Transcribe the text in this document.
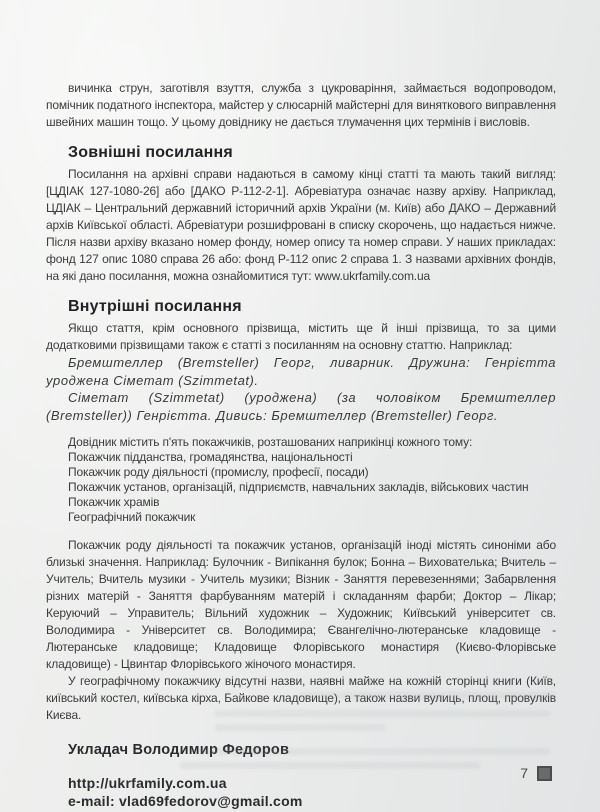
вичинка струн, заготівля взуття, служба з цукроваріння, займається водопроводом, помічник податного інспектора, майстер у слюсарній майстерні для виняткового виправлення швейних машин тощо. У цьому довіднику не дається тлумачення цих термінів і висловів.

Зовнішні посилання

Посилання на архівні справи надаються в самому кінці статті та мають такий вигляд: [ЦДІАК 127-1080-26] або [ДАКО Р-112-2-1]. Абревіатура означає назву архіву. Наприклад, ЦДІАК – Центральний державний історичний архів України (м. Київ) або ДАКО – Державний архів Київської області. Абревіатури розшифровані в списку скорочень, що надається нижче. Після назви архіву вказано номер фонду, номер опису та номер справи. У наших прикладах: фонд 127 опис 1080 справа 26 або: фонд Р-112 опис 2 справа 1. З назвами архівних фондів, на які дано посилання, можна ознайомитися тут: www.ukrfamily.com.ua

Внутрішні посилання

Якщо стаття, крім основного прізвища, містить ще й інші прізвища, то за цими додатковими прізвищами також є статті з посиланням на основну статтю. Наприклад:

Бремштеллер (Bremsteller) Георг, ливарник. Дружина: Генрієтта уроджена Сіметат (Szimmetat).

Сіметат (Szimmetat) (уроджена) (за чоловіком Бремштеллер (Bremsteller)) Генрієтта. Дивись: Бремштеллер (Bremsteller) Георг.

Довідник містить п'ять покажчиків, розташованих наприкінці кожного тому:
Покажчик підданства, громадянства, національності
Покажчик роду діяльності (промислу, професії, посади)
Покажчик установ, організацій, підприємств, навчальних закладів, військових частин
Покажчик храмів
Географічний покажчик

Покажчик роду діяльності та покажчик установ, організацій іноді містять синоніми або близькі значення. Наприклад: Булочник - Випікання булок; Бонна – Вихователька; Вчитель – Учитель; Вчитель музики - Учитель музики; Візник - Заняття перевезеннями; Забарвлення різних матерій - Заняття фарбуванням матерій і складанням фарби; Доктор – Лікар; Керуючий – Управитель; Вільний художник – Художник; Київський університет св. Володимира - Університет св. Володимира; Євангелічно-лютеранське кладовище - Лютеранське кладовище; Кладовище Флорівського монастиря (Києво-Флорівське кладовище) - Цвинтар Флорівського жіночого монастиря.

У географічному покажчику відсутні назви, наявні майже на кожній сторінці книги (Київ, київський костел, київська кірха, Байкове кладовище), а також назви вулиць, площ, провулків Києва.

Укладач Володимир Федоров
http://ukrfamily.com.ua
e-mail: vlad69fedorov@gmail.com
7
